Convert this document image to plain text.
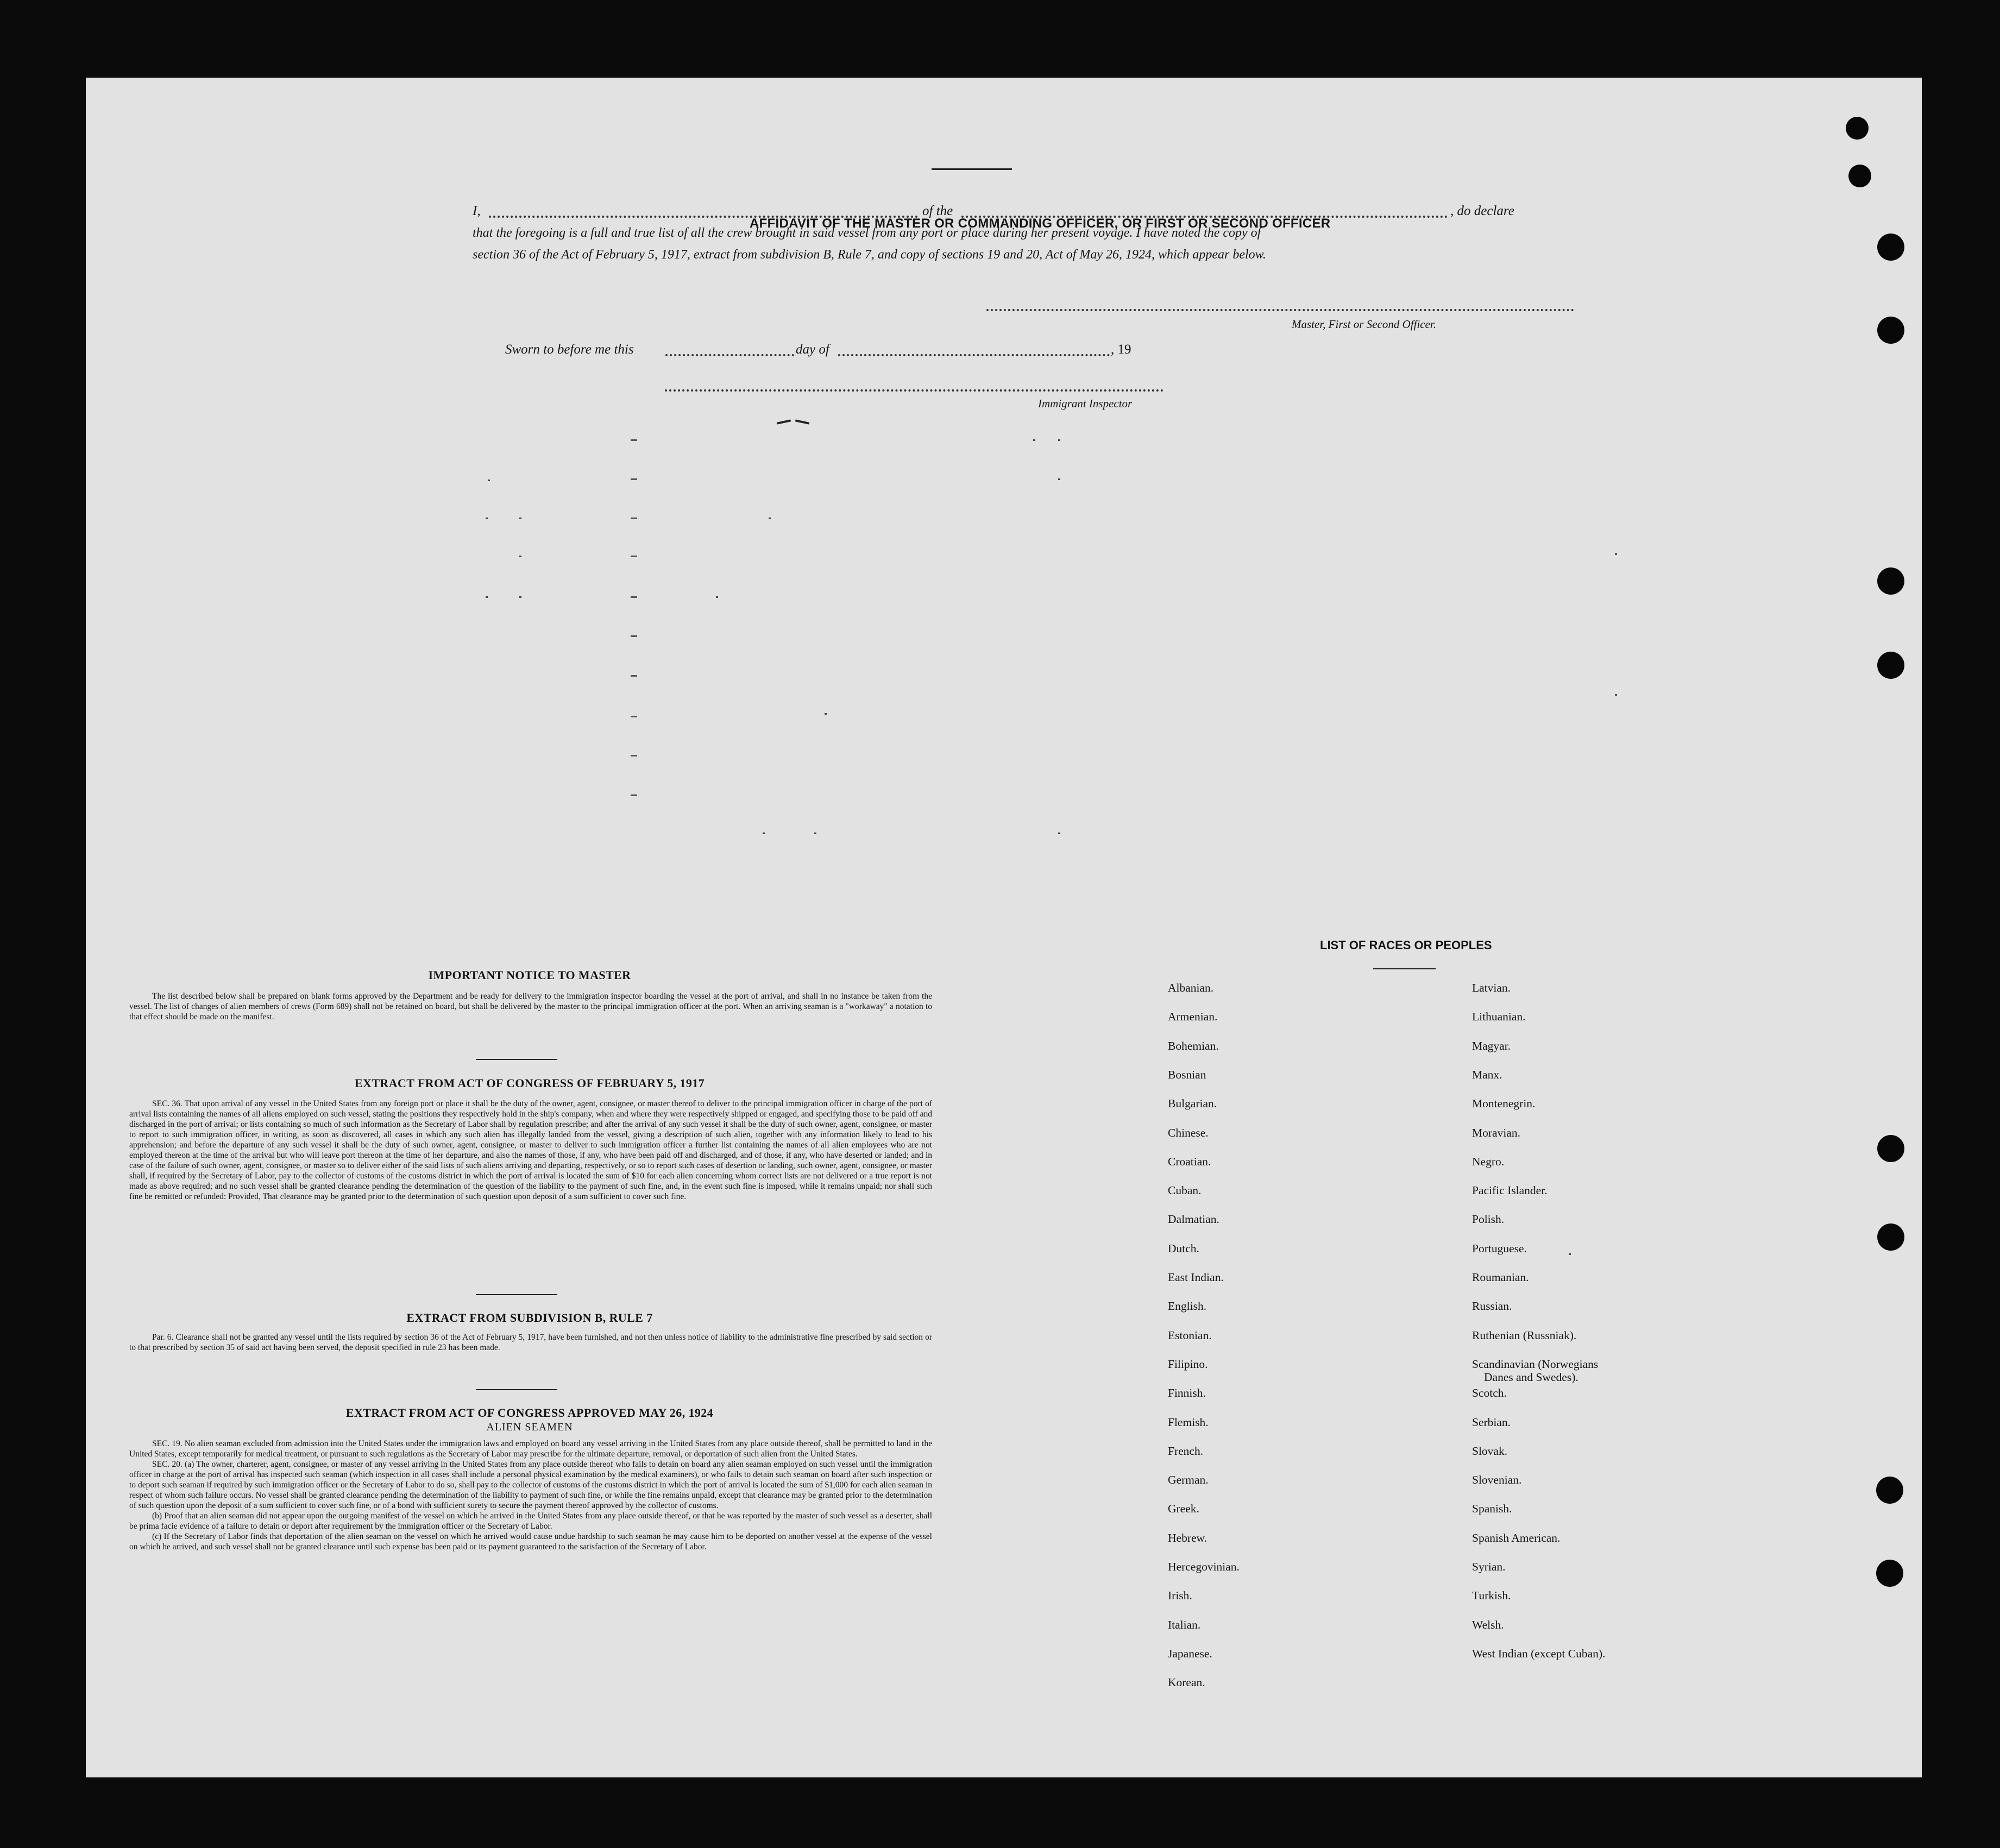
AFFIDAVIT OF THE MASTER OR COMMANDING OFFICER, OR FIRST OR SECOND OFFICER
I,	of the	, do declare
that the foregoing is a full and true list of all the crew brought in said vessel from any port or place during her present voyage. I have noted the copy of
section 36 of the Act of February 5, 1917, extract from subdivision B, Rule 7, and copy of sections 19 and 20, Act of May 26, 1924, which appear below.
Master, First or Second Officer.
Sworn to before me this	day of	, 19
Immigrant Inspector
IMPORTANT NOTICE TO MASTER

The list described below shall be prepared on blank forms approved by the Department and be ready for delivery to the immigration inspector boarding the vessel at the port of arrival, and shall in no instance be taken from the vessel. The list of changes of alien members of crews (Form 689) shall not be retained on board, but shall be delivered by the master to the principal immigration officer at the port. When an arriving seaman is a "workaway" a notation to that effect should be made on the manifest.

EXTRACT FROM ACT OF CONGRESS OF FEBRUARY 5, 1917

SEC. 36. That upon arrival of any vessel in the United States from any foreign port or place it shall be the duty of the owner, agent, consignee, or master thereof to deliver to the principal immigration officer in charge of the port of arrival lists containing the names of all aliens employed on such vessel, stating the positions they respectively hold in the ship's company, when and where they were respectively shipped or engaged, and specifying those to be paid off and discharged in the port of arrival; or lists containing so much of such information as the Secretary of Labor shall by regulation prescribe; and after the arrival of any such vessel it shall be the duty of such owner, agent, consignee, or master to report to such immigration officer, in writing, as soon as discovered, all cases in which any such alien has illegally landed from the vessel, giving a description of such alien, together with any information likely to lead to his apprehension; and before the departure of any such vessel it shall be the duty of such owner, agent, consignee, or master to deliver to such immigration officer a further list containing the names of all alien employees who are not employed thereon at the time of the arrival but who will leave port thereon at the time of her departure, and also the names of those, if any, who have been paid off and discharged, and of those, if any, who have deserted or landed; and in case of the failure of such owner, agent, consignee, or master so to deliver either of the said lists of such aliens arriving and departing, respectively, or so to report such cases of desertion or landing, such owner, agent, consignee, or master shall, if required by the Secretary of Labor, pay to the collector of customs of the customs district in which the port of arrival is located the sum of $10 for each alien concerning whom correct lists are not delivered or a true report is not made as above required; and no such vessel shall be granted clearance pending the determination of the question of the liability to the payment of such fine, and, in the event such fine is imposed, while it remains unpaid; nor shall such fine be remitted or refunded: Provided, That clearance may be granted prior to the determination of such question upon deposit of a sum sufficient to cover such fine.

EXTRACT FROM SUBDIVISION B, RULE 7

Par. 6. Clearance shall not be granted any vessel until the lists required by section 36 of the Act of February 5, 1917, have been furnished, and not then unless notice of liability to the administrative fine prescribed by said section or to that prescribed by section 35 of said act having been served, the deposit specified in rule 23 has been made.

EXTRACT FROM ACT OF CONGRESS APPROVED MAY 26, 1924
ALIEN SEAMEN

SEC. 19. No alien seaman excluded from admission into the United States under the immigration laws and employed on board any vessel arriving in the United States from any place outside thereof, shall be permitted to land in the United States, except temporarily for medical treatment, or pursuant to such regulations as the Secretary of Labor may prescribe for the ultimate departure, removal, or deportation of such alien from the United States.

SEC. 20. (a) The owner, charterer, agent, consignee, or master of any vessel arriving in the United States from any place outside thereof who fails to detain on board any alien seaman employed on such vessel until the immigration officer in charge at the port of arrival has inspected such seaman (which inspection in all cases shall include a personal physical examination by the medical examiners), or who fails to detain such seaman on board after such inspection or to deport such seaman if required by such immigration officer or the Secretary of Labor to do so, shall pay to the collector of customs of the customs district in which the port of arrival is located the sum of $1,000 for each alien seaman in respect of whom such failure occurs. No vessel shall be granted clearance pending the determination of the liability to payment of such fine, or while the fine remains unpaid, except that clearance may be granted prior to the determination of such question upon the deposit of a sum sufficient to cover such fine, or of a bond with sufficient surety to secure the payment thereof approved by the collector of customs.

(b) Proof that an alien seaman did not appear upon the outgoing manifest of the vessel on which he arrived in the United States from any place outside thereof, or that he was reported by the master of such vessel as a deserter, shall be prima facie evidence of a failure to detain or deport after requirement by the immigration officer or the Secretary of Labor.

(c) If the Secretary of Labor finds that deportation of the alien seaman on the vessel on which he arrived would cause undue hardship to such seaman he may cause him to be deported on another vessel at the expense of the vessel on which he arrived, and such vessel shall not be granted clearance until such expense has been paid or its payment guaranteed to the satisfaction of the Secretary of Labor.

LIST OF RACES OR PEOPLES
Albanian.
Armenian.
Bohemian.
Bosnian
Bulgarian.
Chinese.
Croatian.
Cuban.
Dalmatian.
Dutch.
East Indian.
English.
Estonian.
Filipino.
Finnish.
Flemish.
French.
German.
Greek.
Hebrew.
Hercegovinian.
Irish.
Italian.
Japanese.
Korean.
Latvian.
Lithuanian.
Magyar.
Manx.
Montenegrin.
Moravian.
Negro.
Pacific Islander.
Polish.
Portuguese.
Roumanian.
Russian.
Ruthenian (Russniak).
Scandinavian (Norwegians
Danes and Swedes).
Scotch.
Serbian.
Slovak.
Slovenian.
Spanish.
Spanish American.
Syrian.
Turkish.
Welsh.
West Indian (except Cuban).
